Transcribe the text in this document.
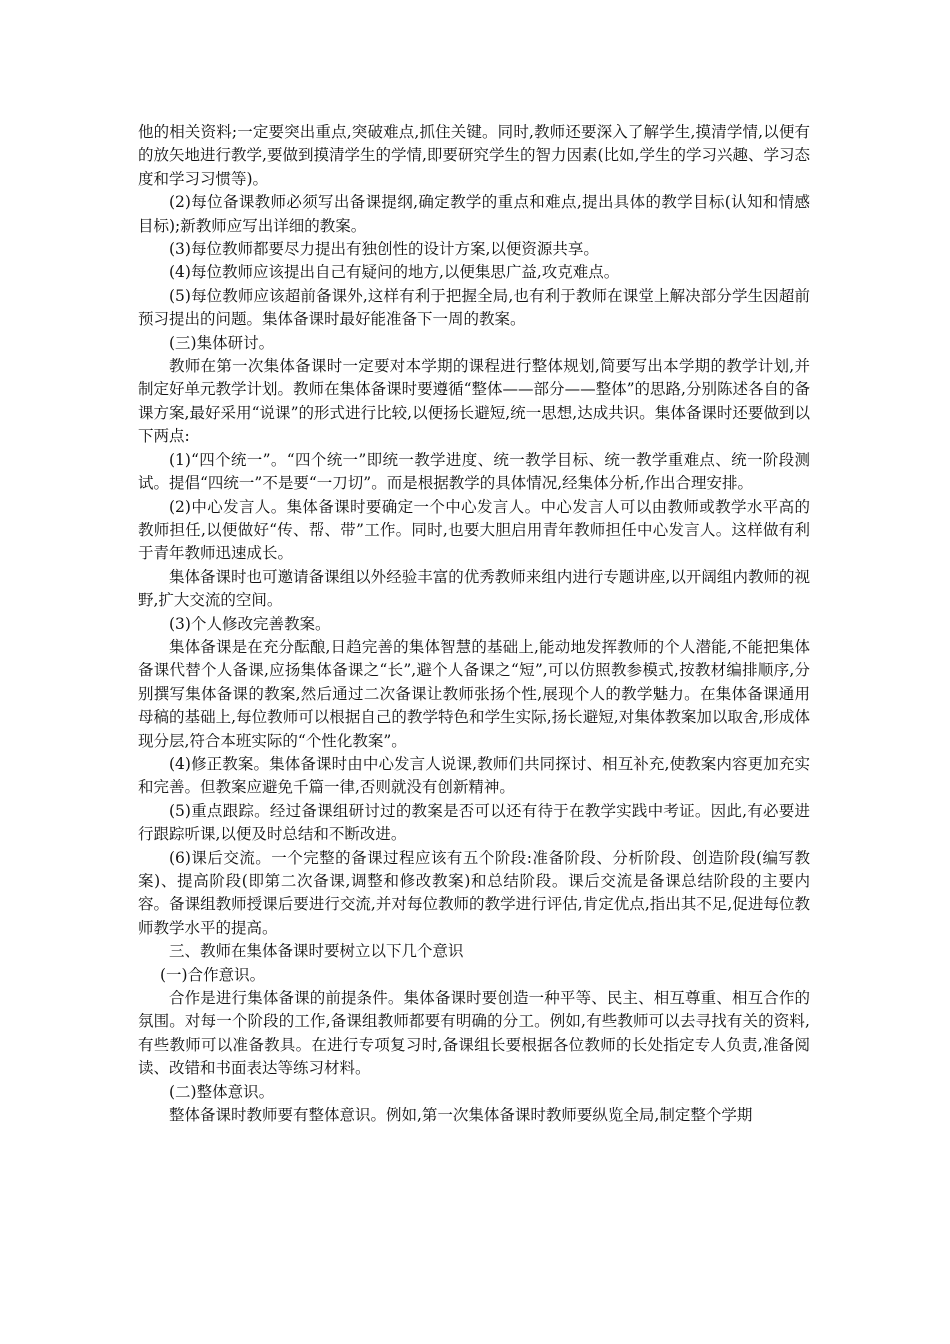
他的相关资料;一定要突出重点,突破难点,抓住关键。同时,教师还要深入了解学生,摸清学情,以便有的放矢地进行教学,要做到摸清学生的学情,即要研究学生的智力因素(比如,学生的学习兴趣、学习态度和学习习惯等)。

(2)每位备课教师必须写出备课提纲,确定教学的重点和难点,提出具体的教学目标(认知和情感目标);新教师应写出详细的教案。

(3)每位教师都要尽力提出有独创性的设计方案,以便资源共享。

(4)每位教师应该提出自己有疑问的地方,以便集思广益,攻克难点。

(5)每位教师应该超前备课外,这样有利于把握全局,也有利于教师在课堂上解决部分学生因超前预习提出的问题。集体备课时最好能准备下一周的教案。

(三)集体研讨。

教师在第一次集体备课时一定要对本学期的课程进行整体规划,简要写出本学期的教学计划,并制定好单元教学计划。教师在集体备课时要遵循“整体——部分——整体”的思路,分别陈述各自的备课方案,最好采用“说课”的形式进行比较,以便扬长避短,统一思想,达成共识。集体备课时还要做到以下两点:

(1)“四个统一”。“四个统一”即统一教学进度、统一教学目标、统一教学重难点、统一阶段测试。提倡“四统一”不是要“一刀切”。而是根据教学的具体情况,经集体分析,作出合理安排。

(2)中心发言人。集体备课时要确定一个中心发言人。中心发言人可以由教师或教学水平高的教师担任,以便做好“传、帮、带”工作。同时,也要大胆启用青年教师担任中心发言人。这样做有利于青年教师迅速成长。

集体备课时也可邀请备课组以外经验丰富的优秀教师来组内进行专题讲座,以开阔组内教师的视野,扩大交流的空间。

(3)个人修改完善教案。

集体备课是在充分酝酿,日趋完善的集体智慧的基础上,能动地发挥教师的个人潜能,不能把集体备课代替个人备课,应扬集体备课之“长”,避个人备课之“短”,可以仿照教参模式,按教材编排顺序,分别撰写集体备课的教案,然后通过二次备课让教师张扬个性,展现个人的教学魅力。在集体备课通用母稿的基础上,每位教师可以根据自己的教学特色和学生实际,扬长避短,对集体教案加以取舍,形成体现分层,符合本班实际的“个性化教案”。

(4)修正教案。集体备课时由中心发言人说课,教师们共同探讨、相互补充,使教案内容更加充实和完善。但教案应避免千篇一律,否则就没有创新精神。

(5)重点跟踪。经过备课组研讨过的教案是否可以还有待于在教学实践中考证。因此,有必要进行跟踪听课,以便及时总结和不断改进。

(6)课后交流。一个完整的备课过程应该有五个阶段:准备阶段、分析阶段、创造阶段(编写教案)、提高阶段(即第二次备课,调整和修改教案)和总结阶段。课后交流是备课总结阶段的主要内容。备课组教师授课后要进行交流,并对每位教师的教学进行评估,肯定优点,指出其不足,促进每位教师教学水平的提高。

三、教师在集体备课时要树立以下几个意识

(一)合作意识。

合作是进行集体备课的前提条件。集体备课时要创造一种平等、民主、相互尊重、相互合作的氛围。对每一个阶段的工作,备课组教师都要有明确的分工。例如,有些教师可以去寻找有关的资料,有些教师可以准备教具。在进行专项复习时,备课组长要根据各位教师的长处指定专人负责,准备阅读、改错和书面表达等练习材料。

(二)整体意识。

整体备课时教师要有整体意识。例如,第一次集体备课时教师要纵览全局,制定整个学期
